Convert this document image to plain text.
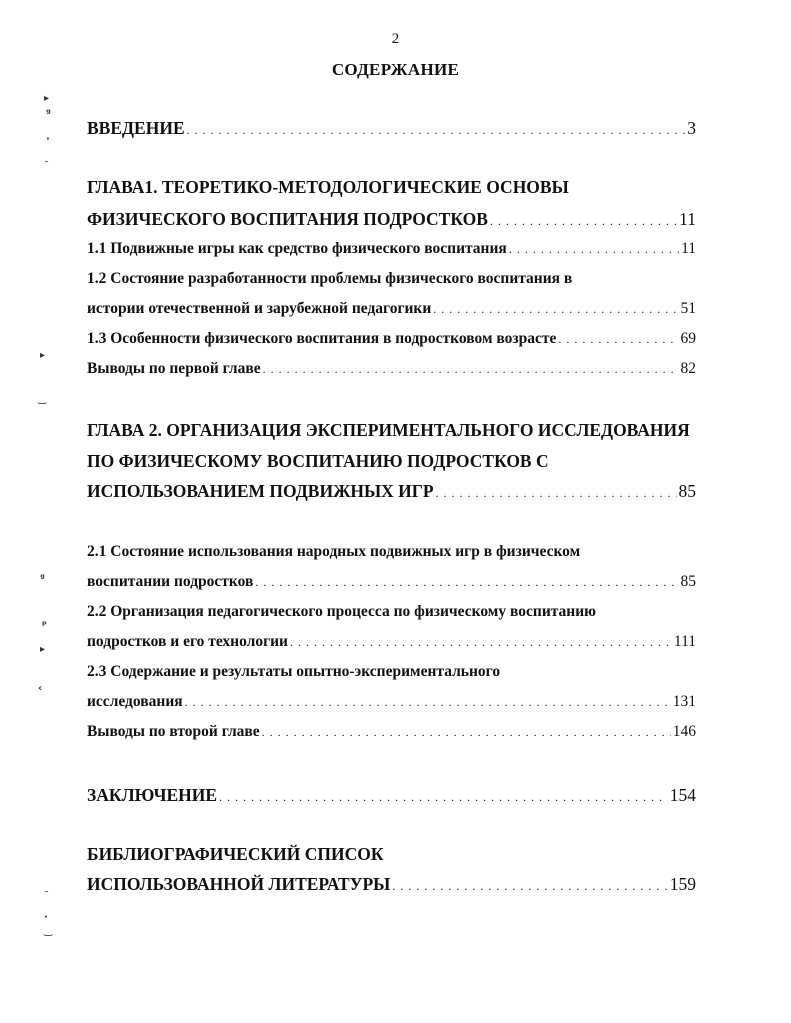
2
СОДЕРЖАНИЕ
ВВЕДЕНИЕ . . .	3
ГЛАВА1. ТЕОРЕТИКО-МЕТОДОЛОГИЧЕСКИЕ ОСНОВЫ
ФИЗИЧЕСКОГО ВОСПИТАНИЯ ПОДРОСТКОВ . . .	11
1.1 Подвижные игры как средство физического воспитания . . .	11
1.2 Состояние разработанности проблемы физического воспитания в
истории отечественной и зарубежной педагогики . . .	51
1.3 Особенности физического воспитания в подростковом возрасте . . .	69
Выводы по первой главе . . .	82
ГЛАВА 2. ОРГАНИЗАЦИЯ ЭКСПЕРИМЕНТАЛЬНОГО ИССЛЕДОВАНИЯ
ПО ФИЗИЧЕСКОМУ ВОСПИТАНИЮ ПОДРОСТКОВ С
ИСПОЛЬЗОВАНИЕМ ПОДВИЖНЫХ ИГР . . .	85
2.1 Состояние использования народных подвижных игр в физическом
воспитании подростков . . .	85
2.2 Организация педагогического процесса по физическому воспитанию
подростков и его технологии . . .	111
2.3 Содержание и результаты опытно-экспериментального
исследования . . .	131
Выводы по второй главе . . .	146
ЗАКЛЮЧЕНИЕ . . .	154
БИБЛИОГРАФИЧЕСКИЙ СПИСОК
ИСПОЛЬЗОВАННОЙ ЛИТЕРАТУРЫ . . .	159
▸
ᵍ
·
˷
▸
‿
ᵍ
ᵖ
▸
‹
˷
·
‿
